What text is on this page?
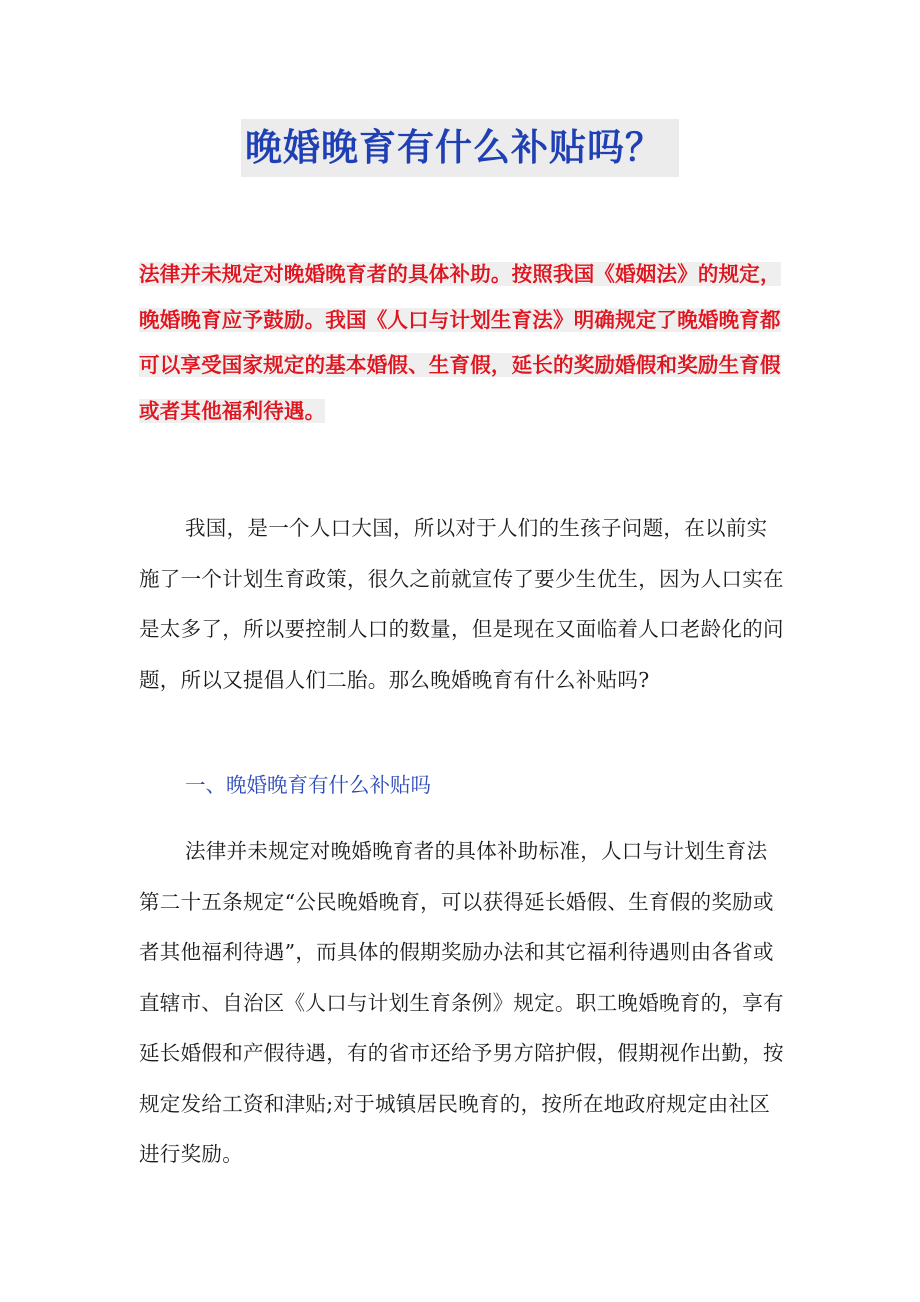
晚婚晚育有什么补贴吗？

法律并未规定对晚婚晚育者的具体补助。按照我国《婚姻法》的规定，晚婚晚育应予鼓励。我国《人口与计划生育法》明确规定了晚婚晚育都可以享受国家规定的基本婚假、生育假，延长的奖励婚假和奖励生育假或者其他福利待遇。

我国，是一个人口大国，所以对于人们的生孩子问题，在以前实施了一个计划生育政策，很久之前就宣传了要少生优生，因为人口实在是太多了，所以要控制人口的数量，但是现在又面临着人口老龄化的问题，所以又提倡人们二胎。那么晚婚晚育有什么补贴吗?

一、晚婚晚育有什么补贴吗

法律并未规定对晚婚晚育者的具体补助标准，人口与计划生育法第二十五条规定“公民晚婚晚育，可以获得延长婚假、生育假的奖励或者其他福利待遇”，而具体的假期奖励办法和其它福利待遇则由各省或直辖市、自治区《人口与计划生育条例》规定。职工晚婚晚育的，享有延长婚假和产假待遇，有的省市还给予男方陪护假，假期视作出勤，按规定发给工资和津贴;对于城镇居民晚育的，按所在地政府规定由社区进行奖励。
